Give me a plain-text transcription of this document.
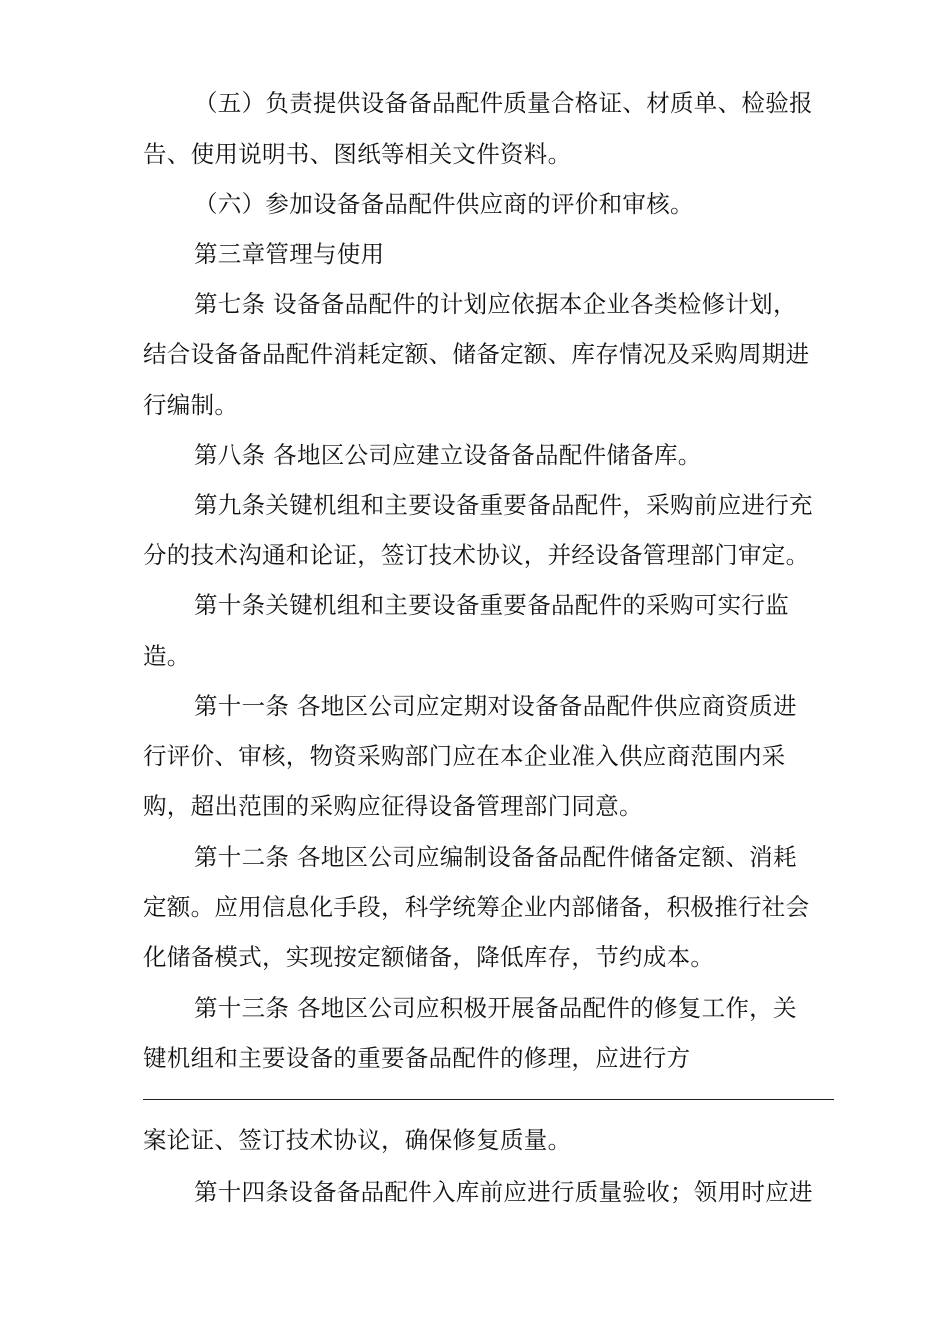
（五）负责提供设备备品配件质量合格证、材质单、检验报
告、使用说明书、图纸等相关文件资料。
（六）参加设备备品配件供应商的评价和审核。
第三章管理与使用
第七条 设备备品配件的计划应依据本企业各类检修计划，
结合设备备品配件消耗定额、储备定额、库存情况及采购周期进
行编制。
第八条 各地区公司应建立设备备品配件储备库。
第九条关键机组和主要设备重要备品配件，采购前应进行充
分的技术沟通和论证，签订技术协议，并经设备管理部门审定。
第十条关键机组和主要设备重要备品配件的采购可实行监
造。
第十一条 各地区公司应定期对设备备品配件供应商资质进
行评价、审核，物资采购部门应在本企业准入供应商范围内采
购，超出范围的采购应征得设备管理部门同意。
第十二条 各地区公司应编制设备备品配件储备定额、消耗
定额。应用信息化手段，科学统筹企业内部储备，积极推行社会
化储备模式，实现按定额储备，降低库存，节约成本。
第十三条 各地区公司应积极开展备品配件的修复工作，关
键机组和主要设备的重要备品配件的修理，应进行方
案论证、签订技术协议，确保修复质量。
第十四条设备备品配件入库前应进行质量验收；领用时应进
